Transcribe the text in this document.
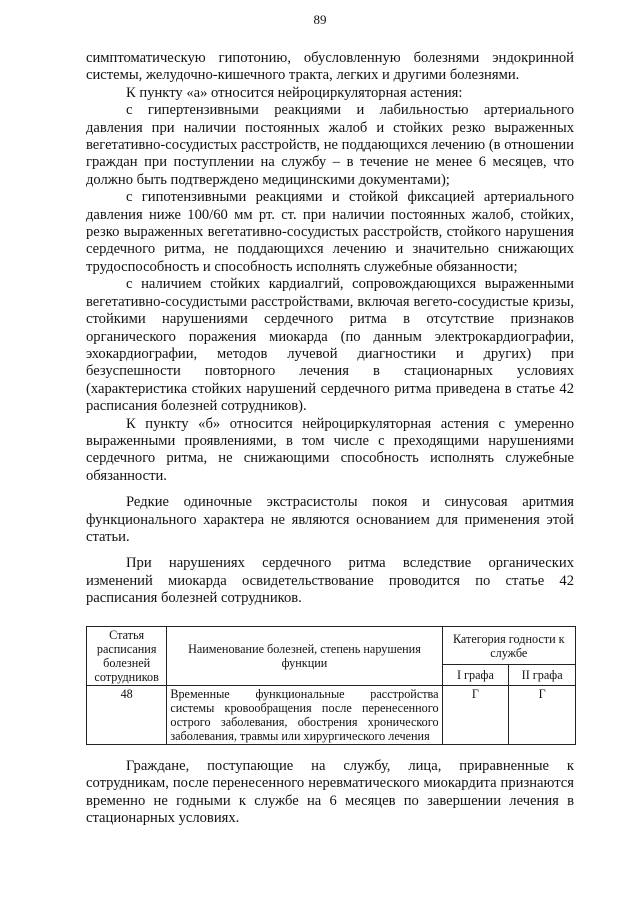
89

симптоматическую гипотонию, обусловленную болезнями эндокринной системы, желудочно-кишечного тракта, легких и другими болезнями.

К пункту «а» относится нейроциркуляторная астения:

с гипертензивными реакциями и лабильностью артериального давления при наличии постоянных жалоб и стойких резко выраженных вегетативно-сосудистых расстройств, не поддающихся лечению (в отношении граждан при поступлении на службу – в течение не менее 6 месяцев, что должно быть подтверждено медицинскими документами);

с гипотензивными реакциями и стойкой фиксацией артериального давления ниже 100/60 мм рт. ст. при наличии постоянных жалоб, стойких, резко выраженных вегетативно-сосудистых расстройств, стойкого нарушения сердечного ритма, не поддающихся лечению и значительно снижающих трудоспособность и способность исполнять служебные обязанности;

с наличием стойких кардиалгий, сопровождающихся выраженными вегетативно-сосудистыми расстройствами, включая вегето-сосудистые кризы, стойкими нарушениями сердечного ритма в отсутствие признаков органического поражения миокарда (по данным электрокардиографии, эхокардиографии, методов лучевой диагностики и других) при безуспешности повторного лечения в стационарных условиях (характеристика стойких нарушений сердечного ритма приведена в статье 42 расписания болезней сотрудников).

К пункту «б» относится нейроциркуляторная астения с умеренно выраженными проявлениями, в том числе с преходящими нарушениями сердечного ритма, не снижающими способность исполнять служебные обязанности.

Редкие одиночные экстрасистолы покоя и синусовая аритмия функционального характера не являются основанием для применения этой статьи.

При нарушениях сердечного ритма вследствие органических изменений миокарда освидетельствование проводится по статье 42 расписания болезней сотрудников.

Статья расписания болезней сотрудников	Наименование болезней, степень нарушения функции	Категория годности к службе	
		I графа	II графа
48	Временные функциональные расстройства системы кровообращения после перенесенного острого заболевания, обострения хронического заболевания, травмы или хирургического лечения	Г	Г

Граждане, поступающие на службу, лица, приравненные к сотрудникам, после перенесенного неревматического миокардита признаются временно не годными к службе на 6 месяцев по завершении лечения в стационарных условиях.
